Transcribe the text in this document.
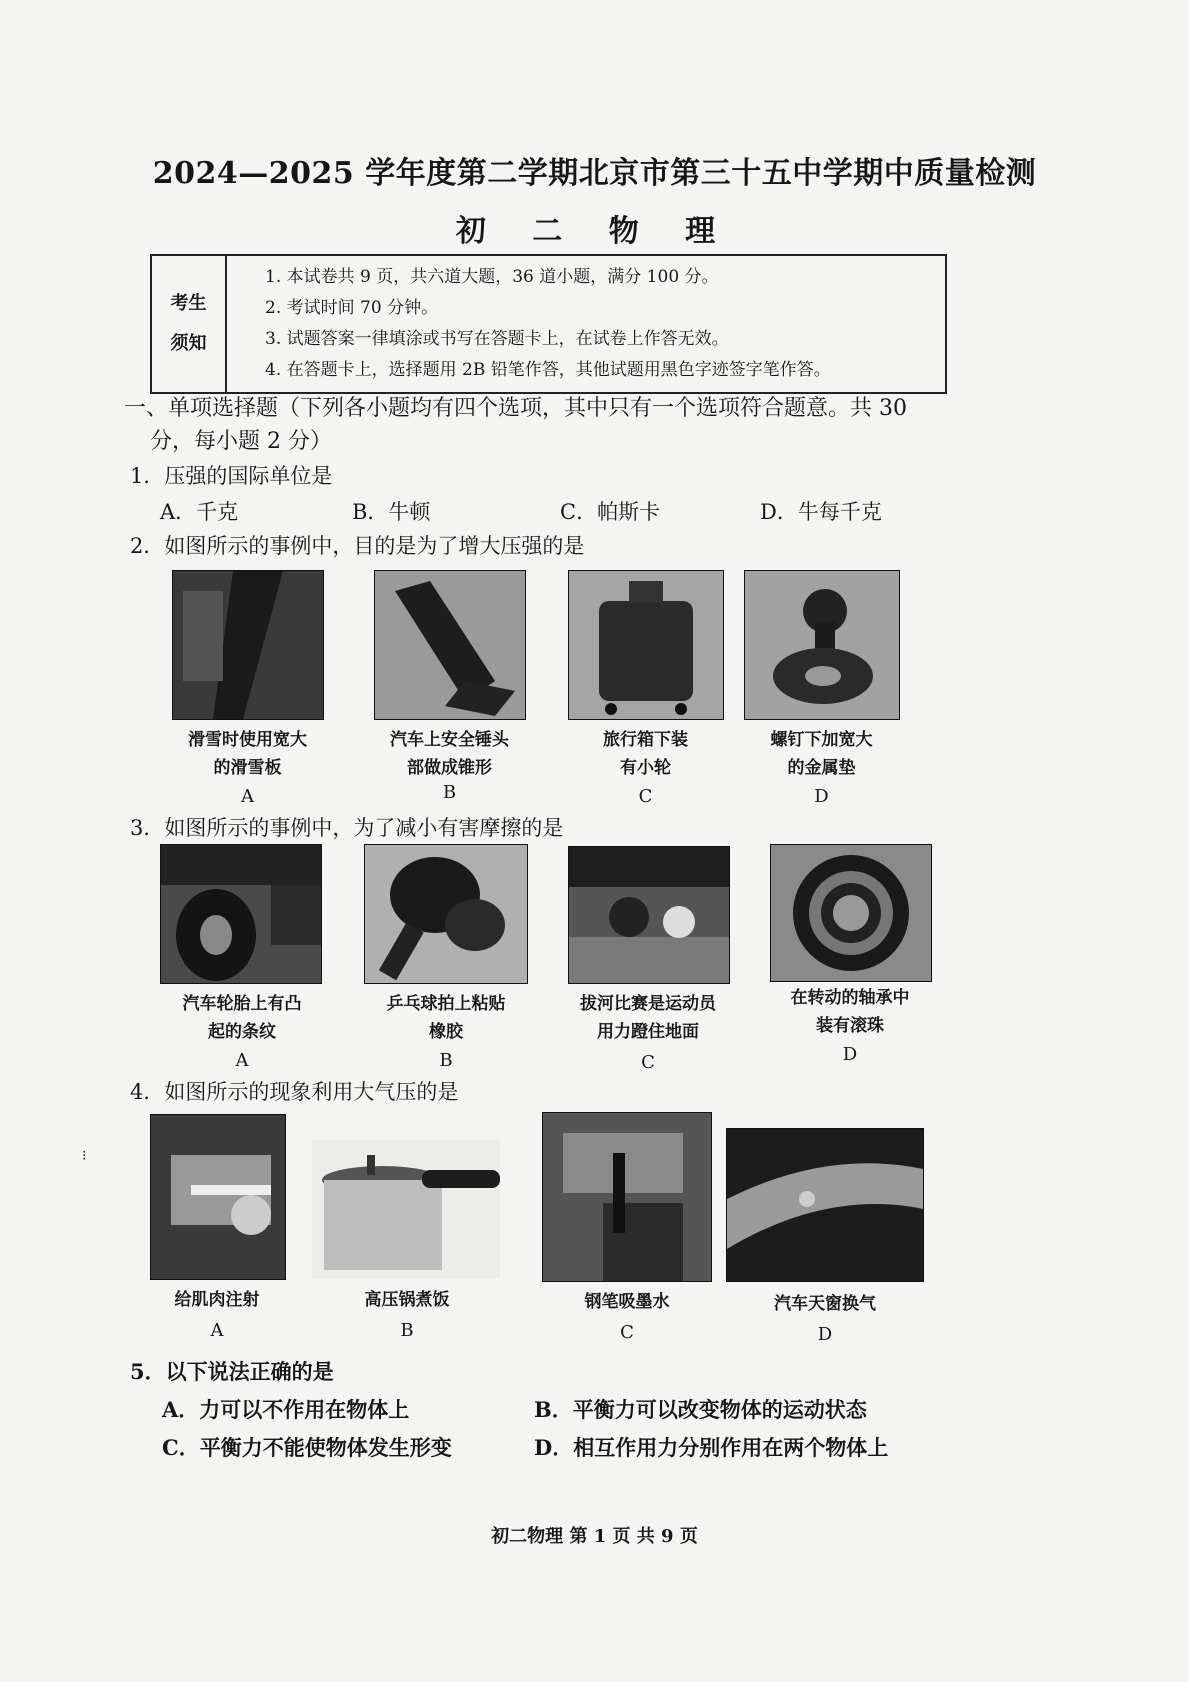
2024—2025 学年度第二学期北京市第三十五中学期中质量检测
初 二 物 理
考生
须知
1. 本试卷共 9 页，共六道大题，36 道小题，满分 100 分。
2. 考试时间 70 分钟。
3. 试题答案一律填涂或书写在答题卡上，在试卷上作答无效。
4. 在答题卡上，选择题用 2B 铅笔作答，其他试题用黑色字迹签字笔作答。
一、单项选择题（下列各小题均有四个选项，其中只有一个选项符合题意。共 30
分，每小题 2 分）
1．压强的国际单位是
A．千克	B．牛顿	C．帕斯卡	D．牛每千克
2．如图所示的事例中，目的是为了增大压强的是
滑雪时使用宽大
的滑雪板
A
汽车上安全锤头
部做成锥形
B
旅行箱下装
有小轮
C
螺钉下加宽大
的金属垫
D
3．如图所示的事例中，为了减小有害摩擦的是
汽车轮胎上有凸
起的条纹
A
乒乓球拍上粘贴
橡胶
B
拔河比赛是运动员
用力蹬住地面
C
在转动的轴承中
装有滚珠
D
4．如图所示的现象利用大气压的是
给肌肉注射
A
高压锅煮饭
B
钢笔吸墨水
C
汽车天窗换气
D
5．以下说法正确的是
A．力可以不作用在物体上	B．平衡力可以改变物体的运动状态
C．平衡力不能使物体发生形变	D．相互作用力分别作用在两个物体上
⁝
初二物理 第 1 页 共 9 页
